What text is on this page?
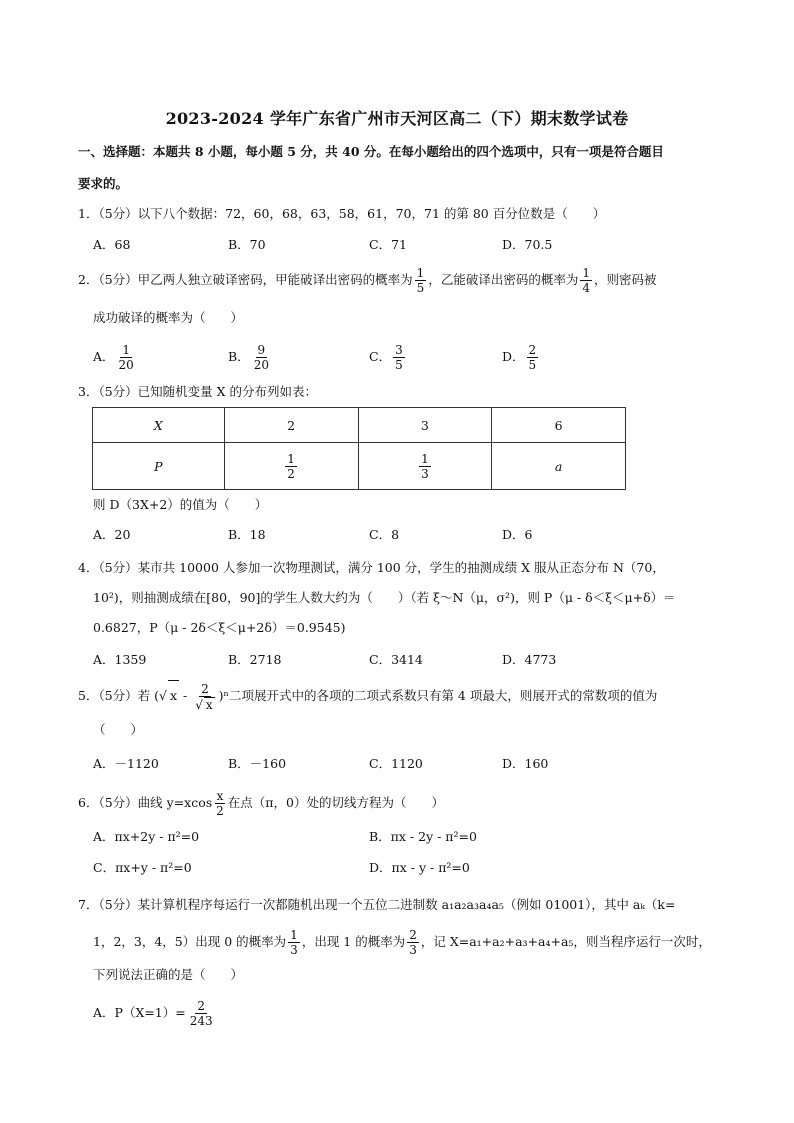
2023-2024 学年广东省广州市天河区高二（下）期末数学试卷
一、选择题：本题共 8 小题，每小题 5 分，共 40 分。在每小题给出的四个选项中，只有一项是符合题目
要求的。
1．（5分）以下八个数据：72，60，68，63，58，61，70，71 的第 80 百分位数是（　　）
A．68	B．70	C．71	D．70.5
2．（5分）甲乙两人独立破译密码，甲能破译出密码的概率为 $\frac{1}{5}$ ，乙能破译出密码的概率为 $\frac{1}{4}$ ，则密码被
成功破译的概率为（　　）
A． $\frac{1}{20}$	B． $\frac{9}{20}$	C． $\frac{3}{5}$	D． $\frac{2}{5}$
3．（5分）已知随机变量 X 的分布列如表：
X	2	3	6
P	$\frac{1}{2}$	$\frac{1}{3}$	a
则 D（3X+2）的值为（　　）
A．20	B．18	C．8	D．6
4．（5分）某市共 10000 人参加一次物理测试，满分 100 分，学生的抽测成绩 X 服从正态分布 N（70，
10²)，则抽测成绩在[80，90]的学生人数大约为（　　）（若 ξ～N（μ，σ²)，则 P（μ - δ＜ξ＜μ+δ）＝
0.6827，P（μ - 2δ＜ξ＜μ+2δ）＝0.9545)
A．1359	B．2718	C．3414	D．4773
5．（5分）若 (√ x - $\frac{2}{√ x} )^n$二项展开式中的各项的二项式系数只有第 4 项最大，则展开式的常数项的值为
（　　）
A．－1120	B．－160	C．1120	D．160
6．（5分）曲线 $y=xcos \frac{x}{2}$ 在点（π，0）处的切线方程为（　　）
A．πx+2y - π²=0	B．πx - 2y - π²=0
C．πx+y - π²=0	D．πx - y - π²=0
7．（5分）某计算机程序每运行一次都随机出现一个五位二进制数 a₁a₂a₃a₄a₅（例如 01001），其中 aₖ（k=
1，2，3，4，5）出现 0 的概率为 $\frac{1}{3}$ ，出现 1 的概率为 $\frac{2}{3}$ ，记 X=a₁+a₂+a₃+a₄+a₅，则当程序运行一次时，
下列说法正确的是（　　）
A．$P(X=1)= \frac{2}{243}$
